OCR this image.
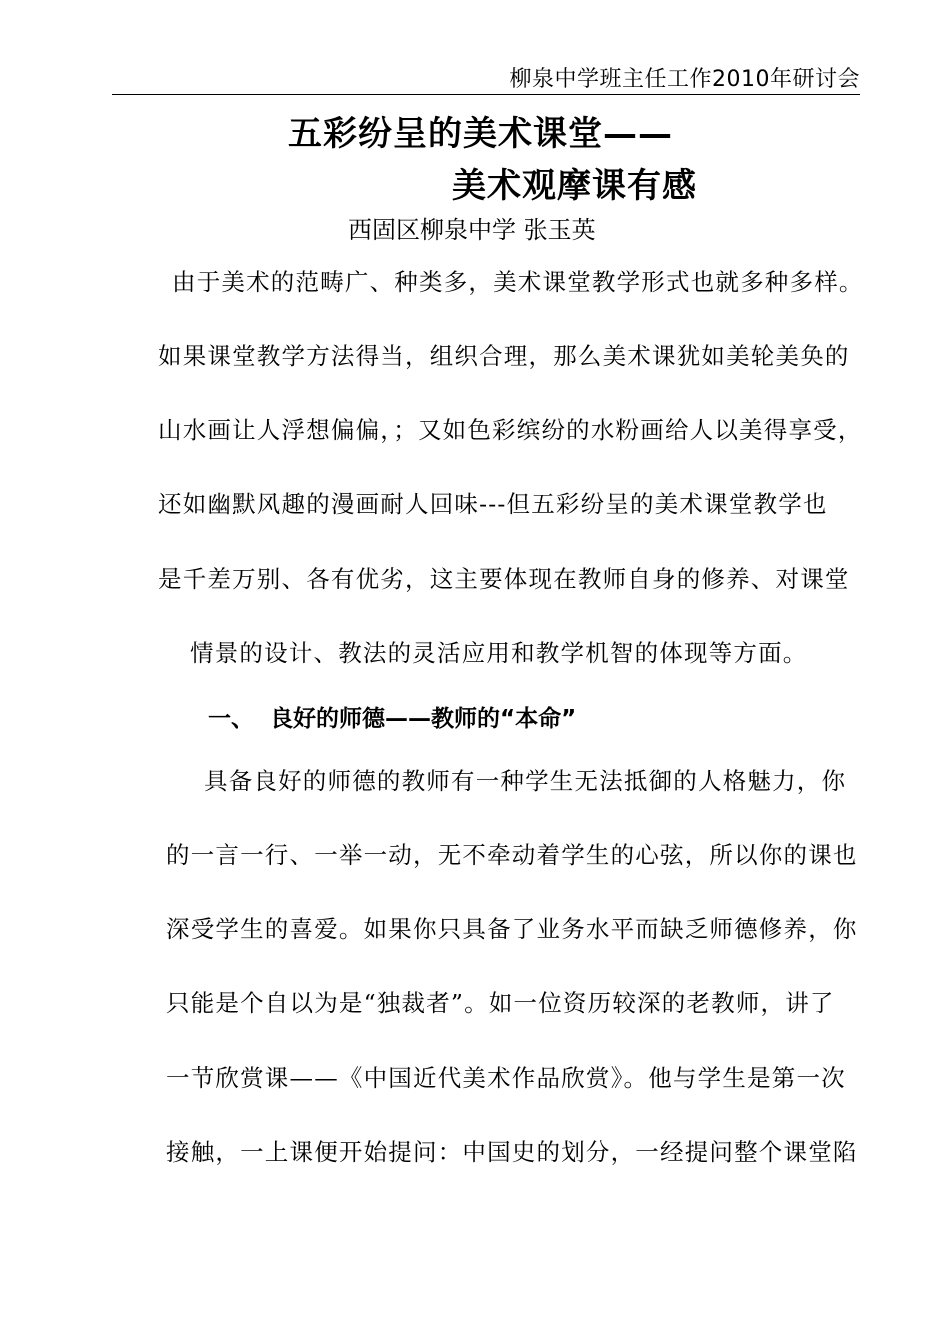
柳泉中学班主任工作2010年研讨会
五彩纷呈的美术课堂——
美术观摩课有感
西固区柳泉中学 张玉英
由于美术的范畴广、种类多，美术课堂教学形式也就多种多样。
如果课堂教学方法得当，组织合理，那么美术课犹如美轮美奂的
山水画让人浮想偏偏，；又如色彩缤纷的水粉画给人以美得享受，
还如幽默风趣的漫画耐人回味---但五彩纷呈的美术课堂教学也
是千差万别、各有优劣，这主要体现在教师自身的修养、对课堂
情景的设计、教法的灵活应用和教学机智的体现等方面。
一、 良好的师德——教师的“本命”
具备良好的师德的教师有一种学生无法抵御的人格魅力，你
的一言一行、一举一动，无不牵动着学生的心弦，所以你的课也
深受学生的喜爱。如果你只具备了业务水平而缺乏师德修养，你
只能是个自以为是“独裁者”。如一位资历较深的老教师，讲了
一节欣赏课——《中国近代美术作品欣赏》。他与学生是第一次
接触，一上课便开始提问：中国史的划分，一经提问整个课堂陷
